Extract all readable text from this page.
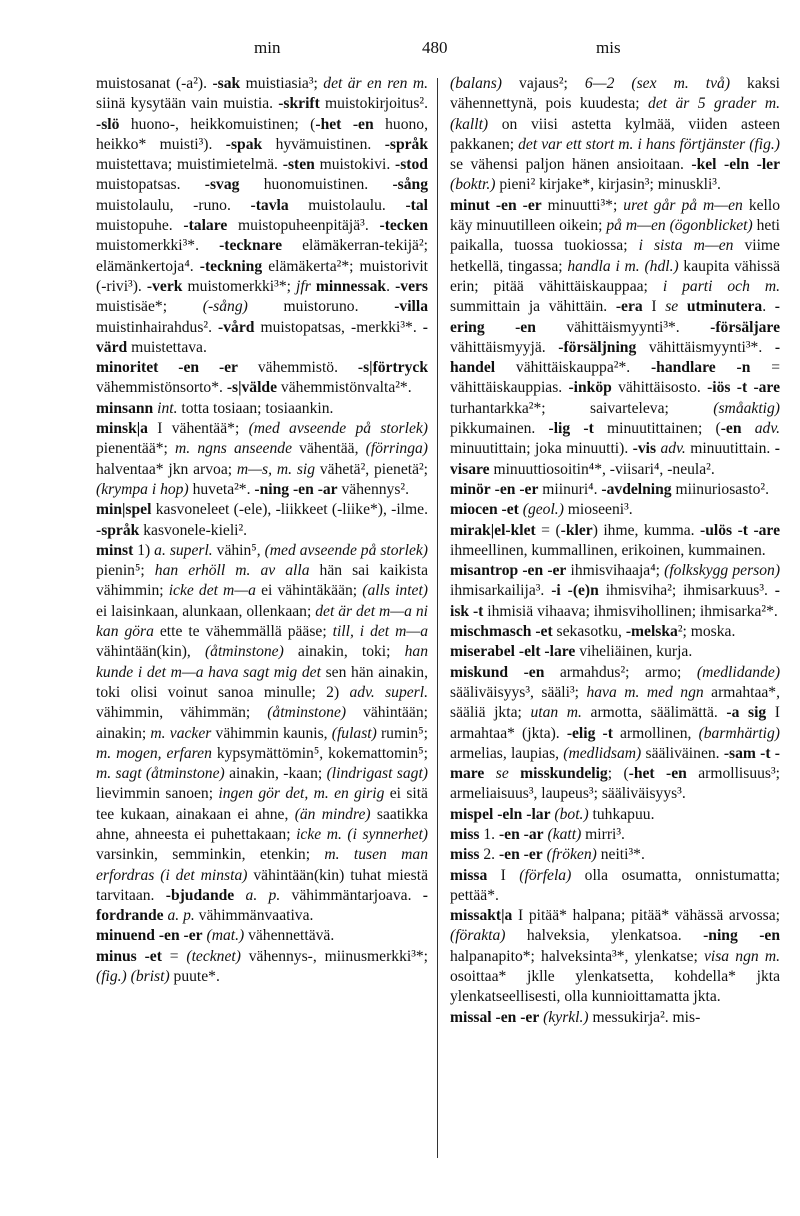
min	480	mis

muistosanat (-a²). -sak muistiasia³; det är en ren m. siinä kysytään vain muistia. -skrift muistokirjoitus². -slö huono-, heikkomuistinen; (-het -en huono, heikko* muisti³). -spak hyvämuistinen. -språk muistettava; muistimietelmä. -sten muistokivi. -stod muistopatsas. -svag huonomuistinen. -sång muistolaulu, -runo. -tavla muistolaulu. -tal muistopuhe. -talare muistopuheenpitäjä³. -tecken muistomerkki³*. -tecknare elämäkerran-tekijä²; elämänkertoja⁴. -teckning elämäkerta²*; muistorivit (-rivi³). -verk muistomerkki³*; jfr minnessak. -vers muistisäe*; (-sång) muistoruno. -villa muistinhairahdus². -vård muistopatsas, -merkki³*. -värd muistettava.

minoritet -en -er vähemmistö. -s|förtryck vähemmistönsorto*. -s|välde vähemmistönvalta²*.

minsann int. totta tosiaan; tosiaankin.

minsk|a I vähentää*; (med avseende på storlek) pienentää*; m. ngns anseende vähentää, (förringa) halventaa* jkn arvoa; m—s, m. sig vähetä², pienetä²; (krympa i hop) huveta²*. -ning -en -ar vähennys².

min|spel kasvoneleet (-ele), -liikkeet (-liike*), -ilme. -språk kasvonele-kieli².

minst 1) a. superl. vähin⁵, (med avseende på storlek) pienin⁵; han erhöll m. av alla hän sai kaikista vähimmin; icke det m—a ei vähintäkään; (alls intet) ei laisinkaan, alunkaan, ollenkaan; det är det m—a ni kan göra ette te vähemmällä pääse; till, i det m—a vähintään(kin), (åtminstone) ainakin, toki; han kunde i det m—a hava sagt mig det sen hän ainakin, toki olisi voinut sanoa minulle; 2) adv. superl. vähimmin, vähimmän; (åtminstone) vähintään; ainakin; m. vacker vähimmin kaunis, (fulast) rumin⁵; m. mogen, erfaren kypsymättömin⁵, kokemattomin⁵; m. sagt (åtminstone) ainakin, -kaan; (lindrigast sagt) lievimmin sanoen; ingen gör det, m. en girig ei sitä tee kukaan, ainakaan ei ahne, (än mindre) saatikka ahne, ahneesta ei puhettakaan; icke m. (i synnerhet) varsinkin, semminkin, etenkin; m. tusen man erfordras (i det minsta) vähintään(kin) tuhat miestä tarvitaan. -bjudande a. p. vähimmäntarjoava. -fordrande a. p. vähimmänvaativa.

minuend -en -er (mat.) vähennettävä.

minus -et = (tecknet) vähennys-, miinusmerkki³*; (fig.) (brist) puute*.

(balans) vajaus²; 6—2 (sex m. två) kaksi vähennettynä, pois kuudesta; det är 5 grader m. (kallt) on viisi astetta kylmää, viiden asteen pakkanen; det var ett stort m. i hans förtjänster (fig.) se vähensi paljon hänen ansioitaan. -kel -eln -ler (boktr.) pieni² kirjake*, kirjasin³; minuskli³.

minut -en -er minuutti³*; uret går på m—en kello käy minuutilleen oikein; på m—en (ögonblicket) heti paikalla, tuossa tuokiossa; i sista m—en viime hetkellä, tingassa; handla i m. (hdl.) kaupita vähissä erin; pitää vähittäiskauppaa; i parti och m. summittain ja vähittäin. -era I se utminutera. -ering -en vähittäismyynti³*. -försäljare vähittäismyyjä. -försäljning vähittäismyynti³*. -handel vähittäiskauppa²*. -handlare -n = vähittäiskauppias. -inköp vähittäisosto. -iös -t -are turhantarkka²*; saivarteleva; (småaktig) pikkumainen. -lig -t minuutittainen; (-en adv. minuutittain; joka minuutti). -vis adv. minuutittain. -visare minuuttiosoitin⁴*, -viisari⁴, -neula².

minör -en -er miinuri⁴. -avdelning miinuriosasto².

miocen -et (geol.) mioseeni³.

mirak|el-klet = (-kler) ihme, kumma. -ulös -t -are ihmeellinen, kummallinen, erikoinen, kummainen.

misantrop -en -er ihmisvihaaja⁴; (folkskygg person) ihmisarkailija³. -i -(e)n ihmisviha²; ihmisarkuus³. -isk -t ihmisiä vihaava; ihmisvihollinen; ihmisarka²*.

mischmasch -et sekasotku, -melska²; moska.

miserabel -elt -lare viheliäinen, kurja.

miskund -en armahdus²; armo; (medlidande) sääliväisyys³, sääli³; hava m. med ngn armahtaa*, sääliä jkta; utan m. armotta, säälimättä. -a sig I armahtaa* (jkta). -elig -t armollinen, (barmhärtig) armelias, laupias, (medlidsam) sääliväinen. -sam -t -mare se misskundelig; (-het -en armollisuus³; armeliaisuus³, laupeus³; sääliväisyys³.

mispel -eln -lar (bot.) tuhkapuu.

miss 1. -en -ar (katt) mirri³.

miss 2. -en -er (fröken) neiti³*.

missa I (förfela) olla osumatta, onnistumatta; pettää*.

missakt|a I pitää* halpana; pitää* vähässä arvossa; (förakta) halveksia, ylenkatsoa. -ning -en halpanapito*; halveksinta³*, ylenkatse; visa ngn m. osoittaa* jklle ylenkatsetta, kohdella* jkta ylenkatseellisesti, olla kunnioittamatta jkta.

missal -en -er (kyrkl.) messukirja². mis-
